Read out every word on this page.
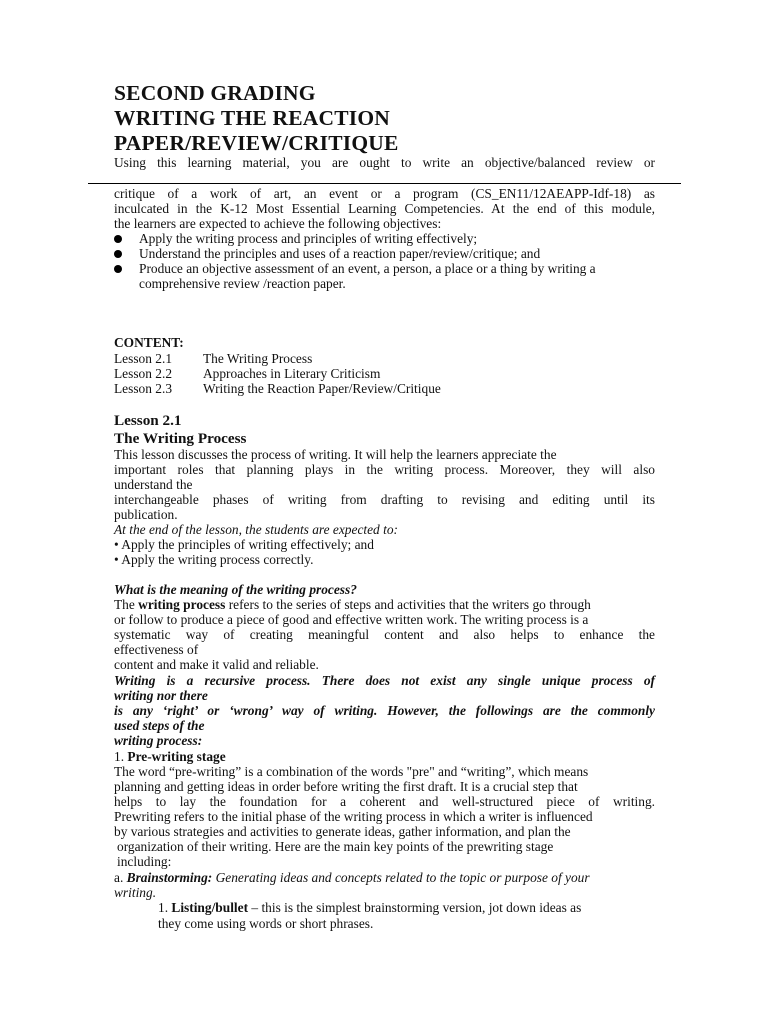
SECOND GRADING
WRITING THE REACTION
PAPER/REVIEW/CRITIQUE
Using this learning material, you are ought to write an objective/balanced review or
critique of a work of art, an event or a program (CS_EN11/12AEAPP-Idf-18) as
inculcated in the K-12 Most Essential Learning Competencies. At the end of this module,
the learners are expected to achieve the following objectives:
Apply the writing process and principles of writing effectively;
Understand the principles and uses of a reaction paper/review/critique; and
Produce an objective assessment of an event, a person, a place or a thing by writing a
comprehensive review /reaction paper.
CONTENT:
Lesson 2.1 The Writing Process
Lesson 2.2 Approaches in Literary Criticism
Lesson 2.3 Writing the Reaction Paper/Review/Critique
Lesson 2.1
The Writing Process
This lesson discusses the process of writing. It will help the learners appreciate the
important roles that planning plays in the writing process. Moreover, they will also
understand the
interchangeable phases of writing from drafting to revising and editing until its
publication.
At the end of the lesson, the students are expected to:
• Apply the principles of writing effectively; and
• Apply the writing process correctly.
What is the meaning of the writing process?
The writing process refers to the series of steps and activities that the writers go through
or follow to produce a piece of good and effective written work. The writing process is a
systematic way of creating meaningful content and also helps to enhance the
effectiveness of
content and make it valid and reliable.
Writing is a recursive process. There does not exist any single unique process of
writing nor there
is any ‘right’ or ‘wrong’ way of writing. However, the followings are the commonly
used steps of the
writing process:
1. Pre-writing stage
The word “pre-writing” is a combination of the words "pre" and “writing”, which means
planning and getting ideas in order before writing the first draft. It is a crucial step that
helps to lay the foundation for a coherent and well-structured piece of writing.
Prewriting refers to the initial phase of the writing process in which a writer is influenced
by various strategies and activities to generate ideas, gather information, and plan the
organization of their writing. Here are the main key points of the prewriting stage
including:
a. Brainstorming: Generating ideas and concepts related to the topic or purpose of your
writing.
1. Listing/bullet – this is the simplest brainstorming version, jot down ideas as
they come using words or short phrases.
